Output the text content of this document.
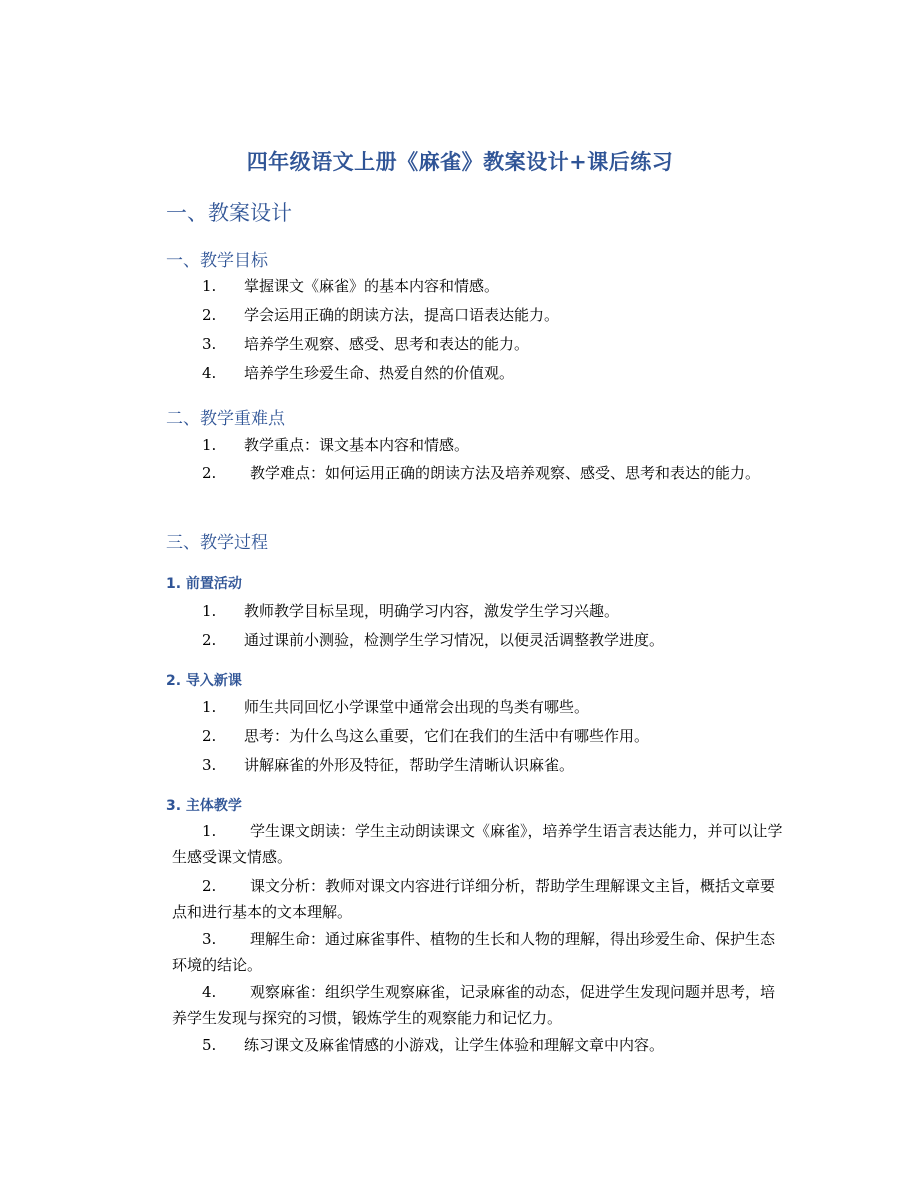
四年级语文上册《麻雀》教案设计+课后练习
一、教案设计
一、教学目标
1.	掌握课文《麻雀》的基本内容和情感。
2.	学会运用正确的朗读方法，提高口语表达能力。
3.	培养学生观察、感受、思考和表达的能力。
4.	培养学生珍爱生命、热爱自然的价值观。
二、教学重难点
1.	教学重点：课文基本内容和情感。
2.	教学难点：如何运用正确的朗读方法及培养观察、感受、思考和表达的能力。
三、教学过程
1. 前置活动
1.	教师教学目标呈现，明确学习内容，激发学生学习兴趣。
2.	通过课前小测验，检测学生学习情况，以便灵活调整教学进度。
2. 导入新课
1.	师生共同回忆小学课堂中通常会出现的鸟类有哪些。
2.	思考：为什么鸟这么重要，它们在我们的生活中有哪些作用。
3.	讲解麻雀的外形及特征，帮助学生清晰认识麻雀。
3. 主体教学
1.	学生课文朗读：学生主动朗读课文《麻雀》，培养学生语言表达能力，并可以让学生感受课文情感。
2.	课文分析：教师对课文内容进行详细分析，帮助学生理解课文主旨，概括文章要点和进行基本的文本理解。
3.	理解生命：通过麻雀事件、植物的生长和人物的理解，得出珍爱生命、保护生态环境的结论。
4.	观察麻雀：组织学生观察麻雀，记录麻雀的动态，促进学生发现问题并思考，培养学生发现与探究的习惯，锻炼学生的观察能力和记忆力。
5.	练习课文及麻雀情感的小游戏，让学生体验和理解文章中内容。
